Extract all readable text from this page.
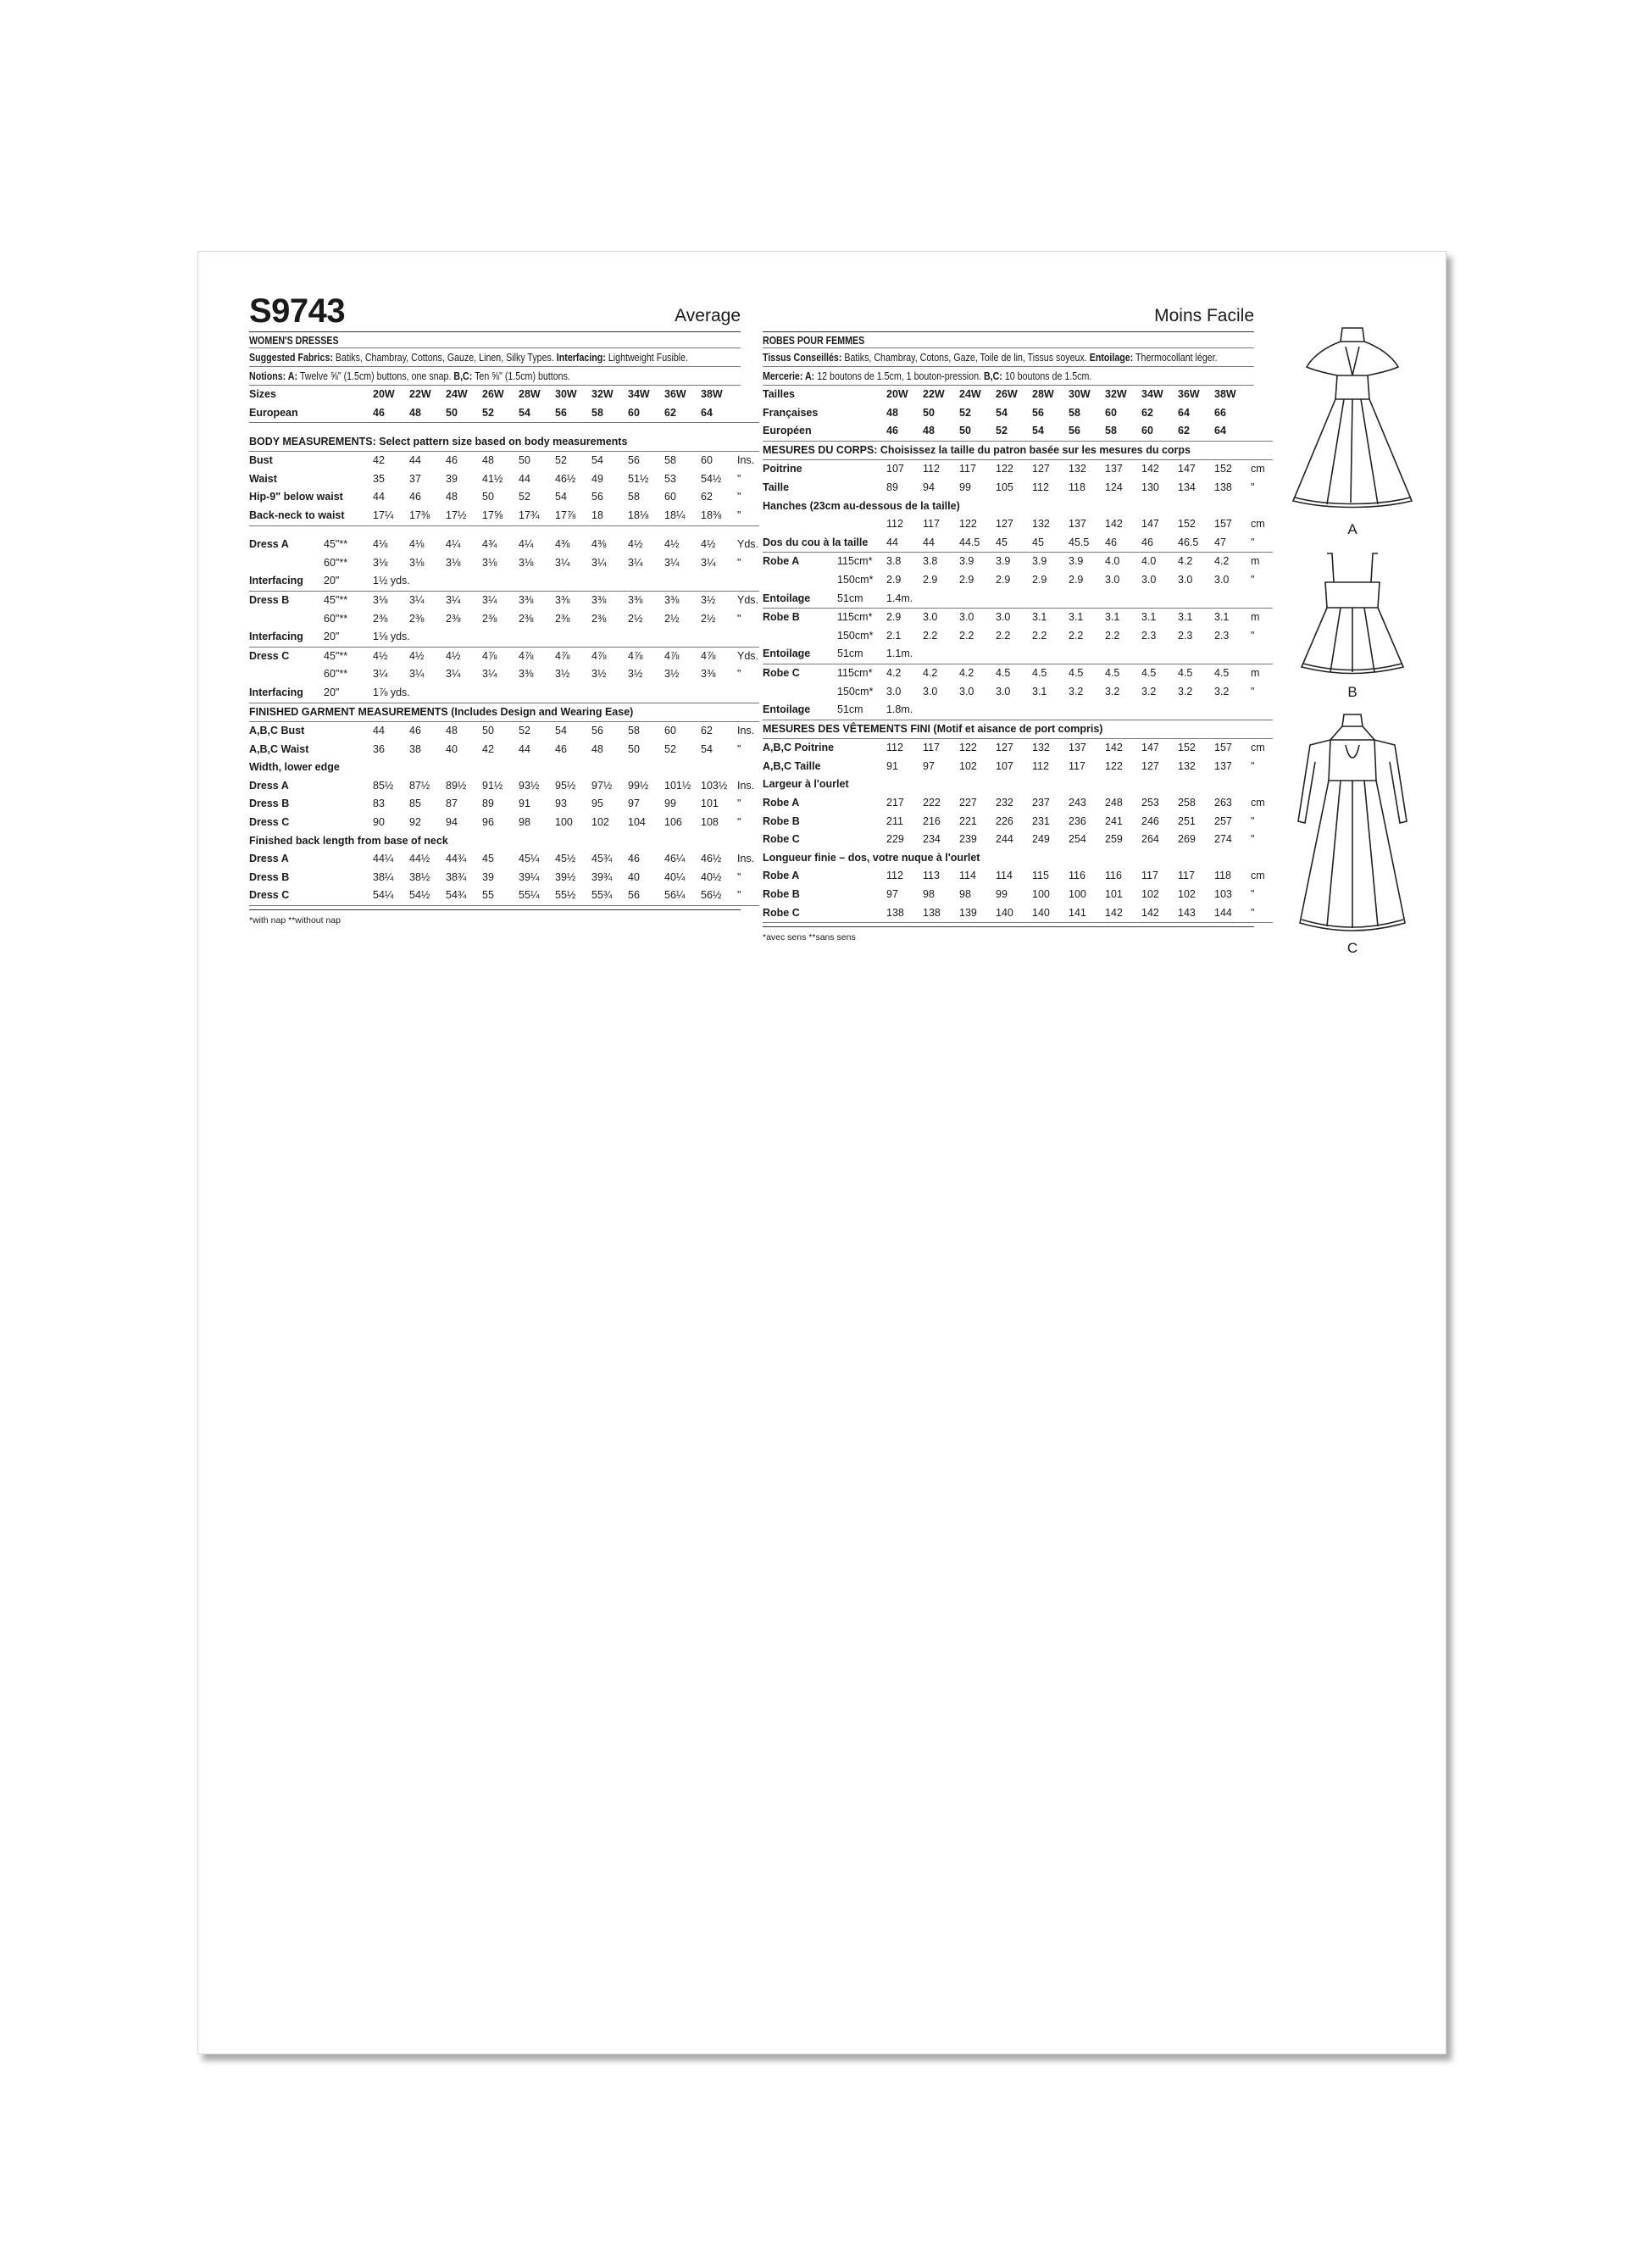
S9743	Average
WOMEN'S DRESSES
Suggested Fabrics: Batiks, Chambray, Cottons, Gauze, Linen, Silky Types. Interfacing: Lightweight Fusible.
Notions: A: Twelve ⅝" (1.5cm) buttons, one snap. B,C: Ten ⅝" (1.5cm) buttons.
Sizes		20W	22W	24W	26W	28W	30W	32W	34W	36W	38W	
European		46	48	50	52	54	56	58	60	62	64	

BODY MEASUREMENTS: Select pattern size based on body measurements												
Bust		42	44	46	48	50	52	54	56	58	60	Ins.
Waist		35	37	39	41½	44	46½	49	51½	53	54½	"
Hip-9" below waist		44	46	48	50	52	54	56	58	60	62	"
Back-neck to waist		17¼	17⅜	17½	17⅝	17¾	17⅞	18	18⅛	18¼	18⅜	"

Dress A	45"**	4⅛	4⅛	4¼	4¾	4¼	4⅜	4⅜	4½	4½	4½	Yds.
	60"**	3⅛	3⅛	3⅛	3⅛	3⅛	3¼	3¼	3¼	3¼	3¼	"
Interfacing	20"	1½ yds.										
Dress B	45"**	3⅛	3¼	3¼	3¼	3⅜	3⅜	3⅜	3⅜	3⅜	3½	Yds.
	60"**	2⅜	2⅜	2⅜	2⅜	2⅜	2⅜	2⅜	2½	2½	2½	"
Interfacing	20"	1⅛ yds.										
Dress C	45"**	4½	4½	4½	4⅞	4⅞	4⅞	4⅞	4⅞	4⅞	4⅞	Yds.
	60"**	3¼	3¼	3¼	3¼	3⅜	3½	3½	3½	3½	3⅜	"
Interfacing	20"	1⅞ yds.										
FINISHED GARMENT MEASUREMENTS (Includes Design and Wearing Ease)												
A,B,C Bust		44	46	48	50	52	54	56	58	60	62	Ins.
A,B,C Waist		36	38	40	42	44	46	48	50	52	54	"
Width, lower edge												
Dress A		85½	87½	89½	91½	93½	95½	97½	99½	101½	103½	Ins.
Dress B		83	85	87	89	91	93	95	97	99	101	"
Dress C		90	92	94	96	98	100	102	104	106	108	"
Finished back length from base of neck												
Dress A		44¼	44½	44¾	45	45¼	45½	45¾	46	46¼	46½	Ins.
Dress B		38¼	38½	38¾	39	39¼	39½	39¾	40	40¼	40½	"
Dress C		54¼	54½	54¾	55	55¼	55½	55¾	56	56¼	56½	"
*with nap **without nap
Moins Facile
ROBES POUR FEMMES
Tissus Conseillés: Batiks, Chambray, Cotons, Gaze, Toile de lin, Tissus soyeux. Entoilage: Thermocollant léger.
Mercerie: A: 12 boutons de 1.5cm, 1 bouton-pression. B,C: 10 boutons de 1.5cm.
Tailles		20W	22W	24W	26W	28W	30W	32W	34W	36W	38W	
Françaises		48	50	52	54	56	58	60	62	64	66	
Européen		46	48	50	52	54	56	58	60	62	64	
MESURES DU CORPS: Choisissez la taille du patron basée sur les mesures du corps												
Poitrine		107	112	117	122	127	132	137	142	147	152	cm
Taille		89	94	99	105	112	118	124	130	134	138	"
Hanches (23cm au-dessous de la taille)												
		112	117	122	127	132	137	142	147	152	157	cm
Dos du cou à la taille		44	44	44.5	45	45	45.5	46	46	46.5	47	"
Robe A	115cm*	3.8	3.8	3.9	3.9	3.9	3.9	4.0	4.0	4.2	4.2	m
	150cm*	2.9	2.9	2.9	2.9	2.9	2.9	3.0	3.0	3.0	3.0	"
Entoilage	51cm	1.4m.										
Robe B	115cm*	2.9	3.0	3.0	3.0	3.1	3.1	3.1	3.1	3.1	3.1	m
	150cm*	2.1	2.2	2.2	2.2	2.2	2.2	2.2	2.3	2.3	2.3	"
Entoilage	51cm	1.1m.										
Robe C	115cm*	4.2	4.2	4.2	4.5	4.5	4.5	4.5	4.5	4.5	4.5	m
	150cm*	3.0	3.0	3.0	3.0	3.1	3.2	3.2	3.2	3.2	3.2	"
Entoilage	51cm	1.8m.										
MESURES DES VÊTEMENTS FINI (Motif et aisance de port compris)												
A,B,C Poitrine		112	117	122	127	132	137	142	147	152	157	cm
A,B,C Taille		91	97	102	107	112	117	122	127	132	137	"
Largeur à l'ourlet												
Robe A		217	222	227	232	237	243	248	253	258	263	cm
Robe B		211	216	221	226	231	236	241	246	251	257	"
Robe C		229	234	239	244	249	254	259	264	269	274	"
Longueur finie – dos, votre nuque à l'ourlet												
Robe A		112	113	114	114	115	116	116	117	117	118	cm
Robe B		97	98	98	99	100	100	101	102	102	103	"
Robe C		138	138	139	140	140	141	142	142	143	144	"
*avec sens **sans sens
A
B
C
